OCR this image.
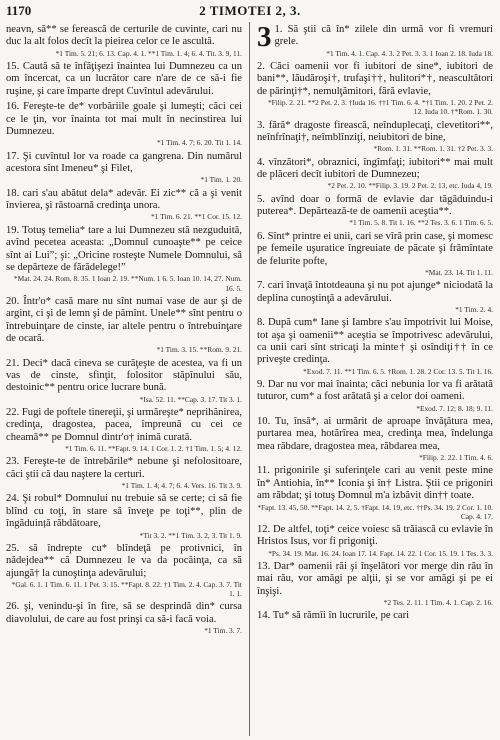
1170	2 TIMOTEI 2, 3.
neavn, să** se ferească de certurile de cuvinte, cari nu duc la alt folos decît la pieirea celor ce le ascultă.
*1 Tim. 5. 21; 6. 13. Cap. 4. 1. **1 Tim. 1. 4; 6. 4. Tit. 3. 9, 11.
15. Caută să te înfăţişezi înaintea lui Dumnezeu ca un om încercat, ca un lucrător care n'are de ce să-i fie ruşine, şi care împarte drept Cuvîntul adevărului.
16. Fereşte-te de* vorbăriile goale şi lumeşti; căci cei ce le ţin, vor înainta tot mai mult în necinstirea lui Dumnezeu.
*1 Tim. 4. 7; 6. 20. Tit 1. 14.
17. Şi cuvîntul lor va roade ca gangrena. Din numărul acestora sînt Imeneu* şi Filet,
*1 Tim. 1. 20.
18. cari s'au abătut dela* adevăr. Ei zic** că a şi venit învierea, şi răstoarnă credinţa unora.
*1 Tim. 6. 21. **1 Cor. 15. 12.
19. Totuş temelia* tare a lui Dumnezeu stă nezguduită, avînd pecetea aceasta: „Domnul cunoaşte** pe ceice sînt ai Lui”; şi: „Oricine rosteşte Numele Domnului, să se depărteze de fărădelege!”
*Mat. 24. 24. Rom. 8. 35. 1 Ioan 2. 19. **Num. 1 6. 5. Ioan 10. 14, 27. Num. 16. 5.
20. Într'o* casă mare nu sînt numai vase de aur şi de argint, ci şi de lemn şi de pămînt. Unele** sînt pentru o întrebuinţare de cinste, iar altele pentru o întrebuinţare de ocară.
*1 Tim. 3. 15. **Rom. 9. 21.
21. Deci* dacă cineva se curăţeşte de acestea, va fi un vas de cinste, sfinţit, folositor stăpînului său, destoinic** pentru orice lucrare bună.
*Isa. 52. 11. **Cap. 3. 17. Tit 3. 1.
22. Fugi de poftele tinereţii, şi urmăreşte* neprihănirea, credinţa, dragostea, pacea, împreună cu cei ce cheamă** pe Domnul dintr'o† inimă curată.
*1 Tim. 6. 11. **Fapt. 9. 14. 1 Cor. 1. 2. †1 Tim. 1. 5; 4. 12.
23. Fereşte-te de întrebările* nebune şi nefolositoare, căci ştii că dau naştere la certuri.
*1 Tim. 1. 4; 4. 7; 6. 4. Vers. 16. Tit 3. 9.
24. Şi robul* Domnului nu trebuie să se certe; ci să fie blînd cu toţi, în stare să înveţe pe toţi**, plin de îngăduință răbdătoare,
*Tit 3. 2. **1 Tim. 3. 2, 3. Tit 1. 9.
25. să îndrepte cu* blîndeţă pe protivnici, în nădejdea** că Dumnezeu le va da pocăinţa, ca să ajungă† la cunoştinţa adevărului;
*Gal. 6. 1. 1 Tim. 6. 11. 1 Pet. 3. 15. **Fapt. 8. 22. †1 Tim. 2. 4. Cap. 3. 7. Tit 1. 1.
26. şi, venindu-şi în fire, să se desprindă din* cursa diavolului, de care au fost prinşi ca să-i facă voia.
*1 Tim. 3. 7.
3 1. Să ştii că în* zilele din urmă vor fi vremuri grele.
*1 Tim. 4. 1. Cap. 4. 3. 2 Pet. 3. 3. 1 Ioan 2. 18. Iuda 18.
2. Căci oamenii vor fi iubitori de sine*, iubitori de bani**, lăudăroşi†, trufaşi††, hulitori*†, neascultători de părinţi†*, nemulţămitori, fără evlavie,
*Filip. 2. 21. **2 Pet. 2. 3. †Iuda 16. ††1 Tim. 6. 4. *†1 Tim. 1. 20. 2 Pet. 2. 12. Iuda 10. †*Rom. 1. 30.
3. fără* dragoste firească, neînduplecaţi, clevetitori**, neînfrînaţi†, neîmblînziţi, neiubitori de bine,
*Rom. 1. 31. **Rom. 1. 31. †2 Pet. 3. 3.
4. vînzători*, obraznici, îngîmfaţi; iubitori** mai mult de plăceri decît iubitori de Dumnezeu;
*2 Pet. 2. 10. **Filip. 3. 19. 2 Pet. 2. 13, etc. Iuda 4, 19.
5. avînd doar o formă de evlavie dar tăgăduindu-i puterea*. Depărtează-te de oamenii aceştia**.
*1 Tim. 5. 8. Tit 1. 16. **2 Tes. 3. 6. 1 Tim. 6. 5.
6. Sînt* printre ei unii, cari se vîră prin case, şi momesc pe femeile uşuratice îngreuiate de păcate şi frămîntate de felurite pofte,
*Mat. 23. 14. Tit 1. 11.
7. cari învaţă întotdeauna şi nu pot ajunge* niciodată la deplina cunoştinţă a adevărului.
*1 Tim. 2. 4.
8. După cum* Iane şi Iambre s'au împotrivit lui Moise, tot aşa şi oamenii** aceştia se împotrivesc adevărului, ca unii cari sînt stricaţi la minte† şi osîndiţi†† în ce priveşte credinţa.
*Exod. 7. 11. **1 Tim. 6. 5. †Rom. 1. 28. 2 Cor. 13. 5. Tit 1. 16.
9. Dar nu vor mai înainta; căci nebunia lor va fi arătată tuturor, cum* a fost arătată şi a celor doi oameni.
*Exod. 7. 12; 8. 18; 9. 11.
10. Tu, însă*, ai urmărit de aproape învăţătura mea, purtarea mea, hotărîrea mea, credinţa mea, îndelunga mea răbdare, dragostea mea, răbdarea mea,
*Filip. 2. 22. 1 Tim. 4. 6.
11. prigonirile şi suferinţele cari au venit peste mine în* Antiohia, în** Iconia şi în† Listra. Ştii ce prigoniri am răbdat; şi totuş Domnul m'a izbăvit din†† toate.
*Fapt. 13. 45, 50. **Fapt. 14. 2, 5. †Fapt. 14. 19, etc. ††Ps. 34. 19. 2 Cor. 1. 10. Cap. 4. 17.
12. De altfel, toţi* ceice voiesc să trăiască cu evlavie în Hristos Isus, vor fi prigoniţi.
*Ps. 34. 19. Mat. 16. 24. Ioan 17. 14. Fapt. 14. 22. 1 Cor. 15. 19. 1 Tes. 3. 3.
13. Dar* oamenii răi şi înşelători vor merge din rău în mai rău, vor amăgi pe alţii, şi se vor amăgi şi pe ei înşişi.
*2 Tes. 2. 11. 1 Tim. 4. 1. Cap. 2. 16.
14. Tu* să rămîi în lucrurile, pe cari
